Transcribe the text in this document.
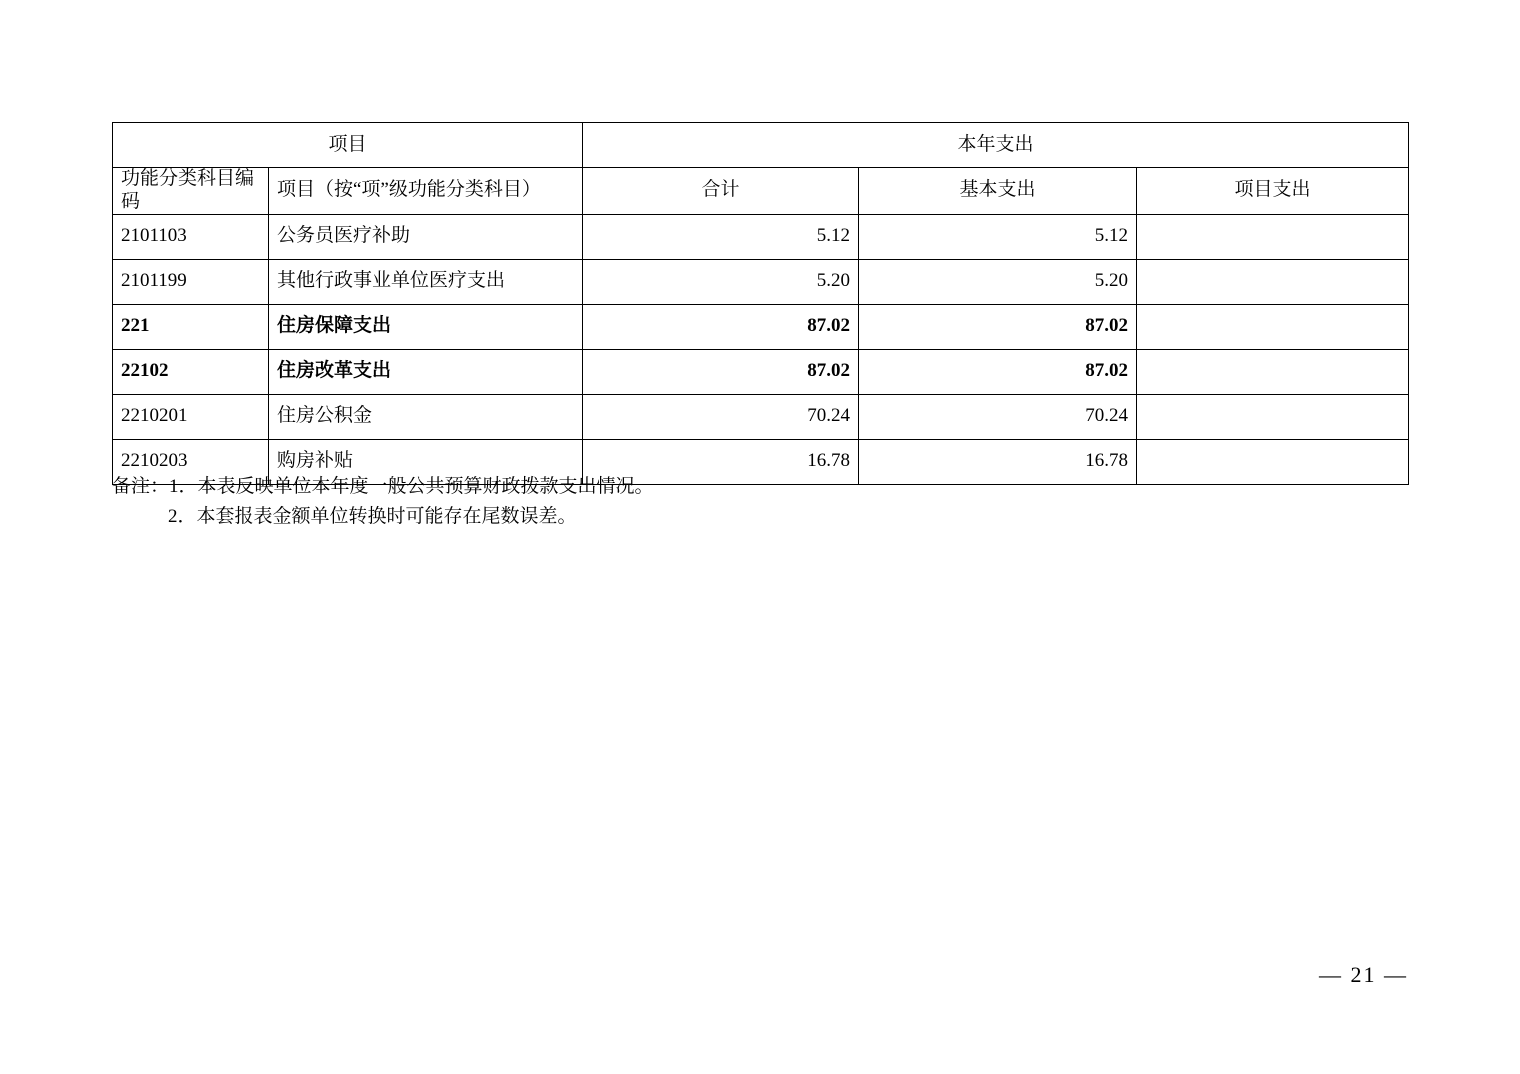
项目		本年支出		
功能分类科目编码	项目（按“项”级功能分类科目）	合计	基本支出	项目支出
2101103	公务员医疗补助	5.12	5.12	
2101199	其他行政事业单位医疗支出	5.20	5.20	
221	住房保障支出	87.02	87.02	
22102	住房改革支出	87.02	87.02	
2210201	住房公积金	70.24	70.24	
2210203	购房补贴	16.78	16.78	
备注：1．本表反映单位本年度一般公共预算财政拨款支出情况。
2．本套报表金额单位转换时可能存在尾数误差。
— 21 —
